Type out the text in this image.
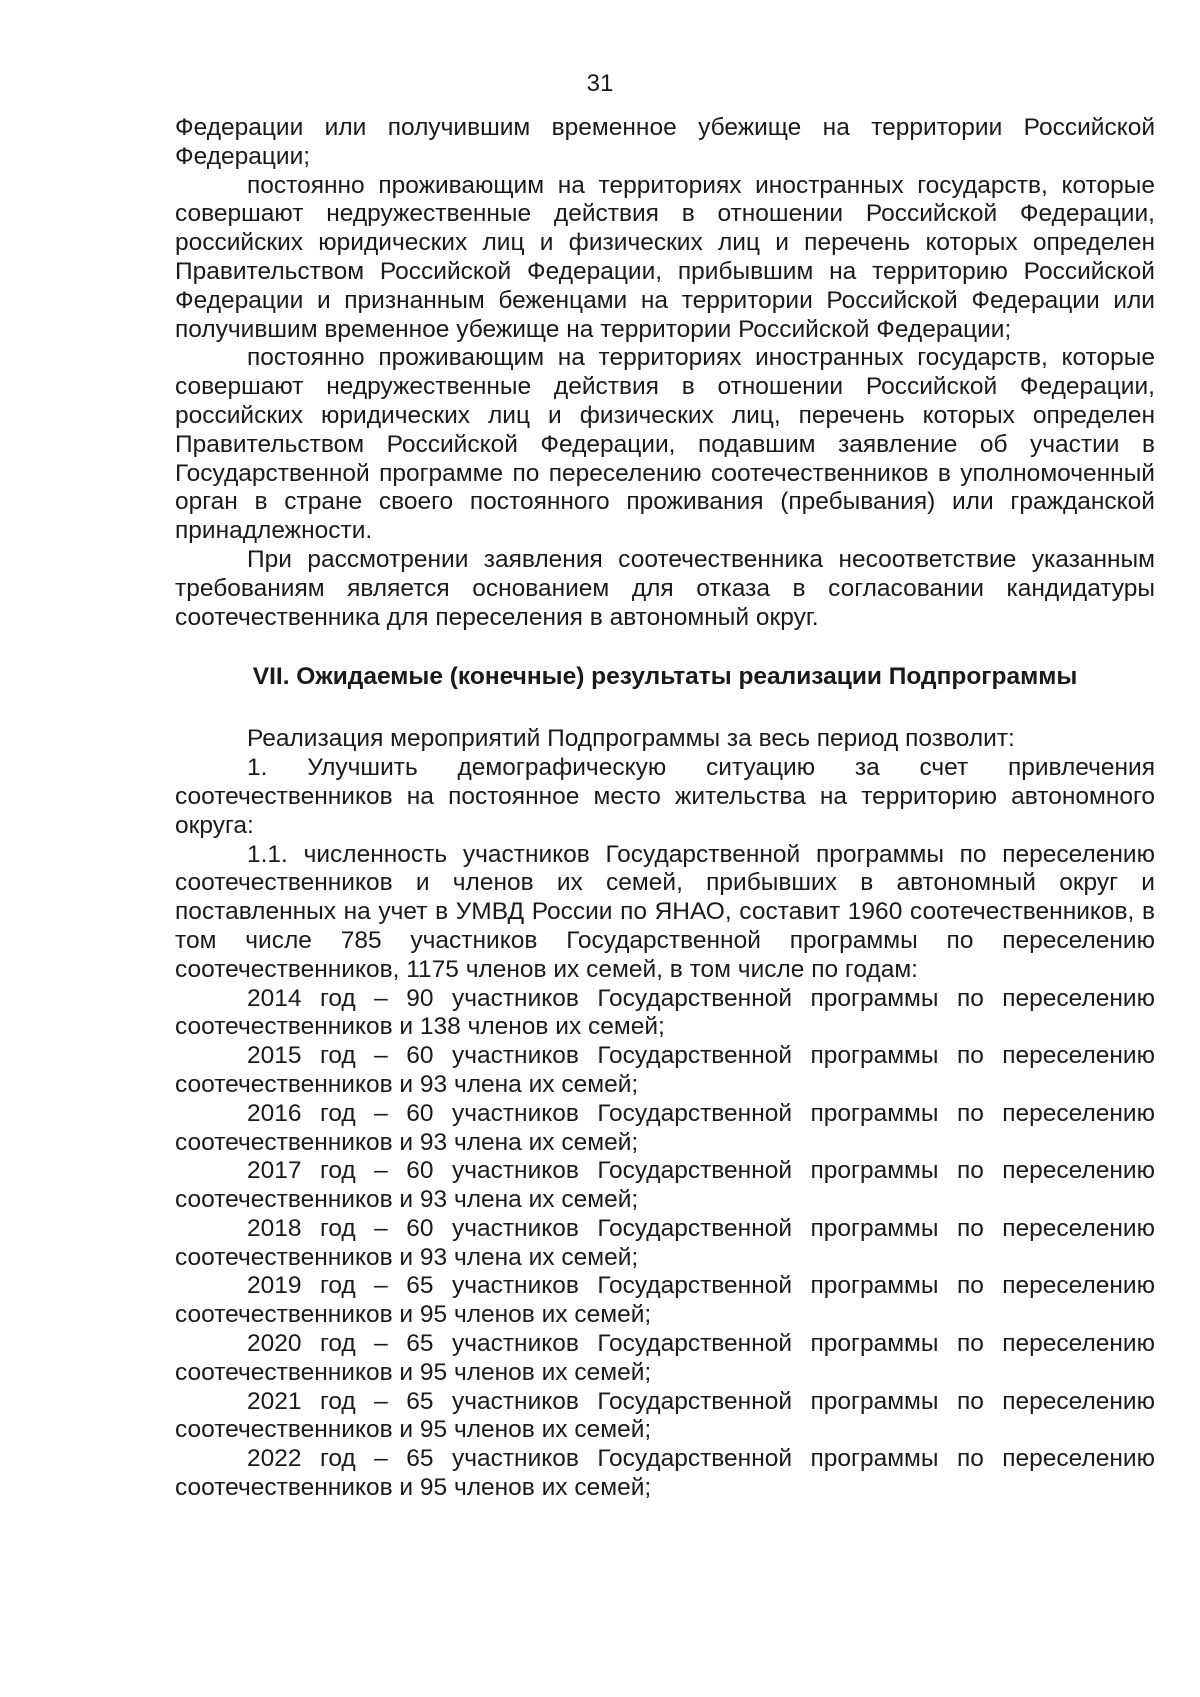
31

Федерации или получившим временное убежище на территории Российской Федерации;

постоянно проживающим на территориях иностранных государств, которые совершают недружественные действия в отношении Российской Федерации, российских юридических лиц и физических лиц и перечень которых определен Правительством Российской Федерации, прибывшим на территорию Российской Федерации и признанным беженцами на территории Российской Федерации или получившим временное убежище на территории Российской Федерации;

постоянно проживающим на территориях иностранных государств, которые совершают недружественные действия в отношении Российской Федерации, российских юридических лиц и физических лиц, перечень которых определен Правительством Российской Федерации, подавшим заявление об участии в Государственной программе по переселению соотечественников в уполномоченный орган в стране своего постоянного проживания (пребывания) или гражданской принадлежности.

При рассмотрении заявления соотечественника несоответствие указанным требованиям является основанием для отказа в согласовании кандидатуры соотечественника для переселения в автономный округ.

VII. Ожидаемые (конечные) результаты реализации Подпрограммы

Реализация мероприятий Подпрограммы за весь период позволит:

1. Улучшить демографическую ситуацию за счет привлечения соотечественников на постоянное место жительства на территорию автономного округа:

1.1. численность участников Государственной программы по переселению соотечественников и членов их семей, прибывших в автономный округ и поставленных на учет в УМВД России по ЯНАО, составит 1960 соотечественников, в том числе 785 участников Государственной программы по переселению соотечественников, 1175 членов их семей, в том числе по годам:

2014 год – 90 участников Государственной программы по переселению соотечественников и 138 членов их семей;

2015 год – 60 участников Государственной программы по переселению соотечественников и 93 члена их семей;

2016 год – 60 участников Государственной программы по переселению соотечественников и 93 члена их семей;

2017 год – 60 участников Государственной программы по переселению соотечественников и 93 члена их семей;

2018 год – 60 участников Государственной программы по переселению соотечественников и 93 члена их семей;

2019 год – 65 участников Государственной программы по переселению соотечественников и 95 членов их семей;

2020 год – 65 участников Государственной программы по переселению соотечественников и 95 членов их семей;

2021 год – 65 участников Государственной программы по переселению соотечественников и 95 членов их семей;

2022 год – 65 участников Государственной программы по переселению соотечественников и 95 членов их семей;
